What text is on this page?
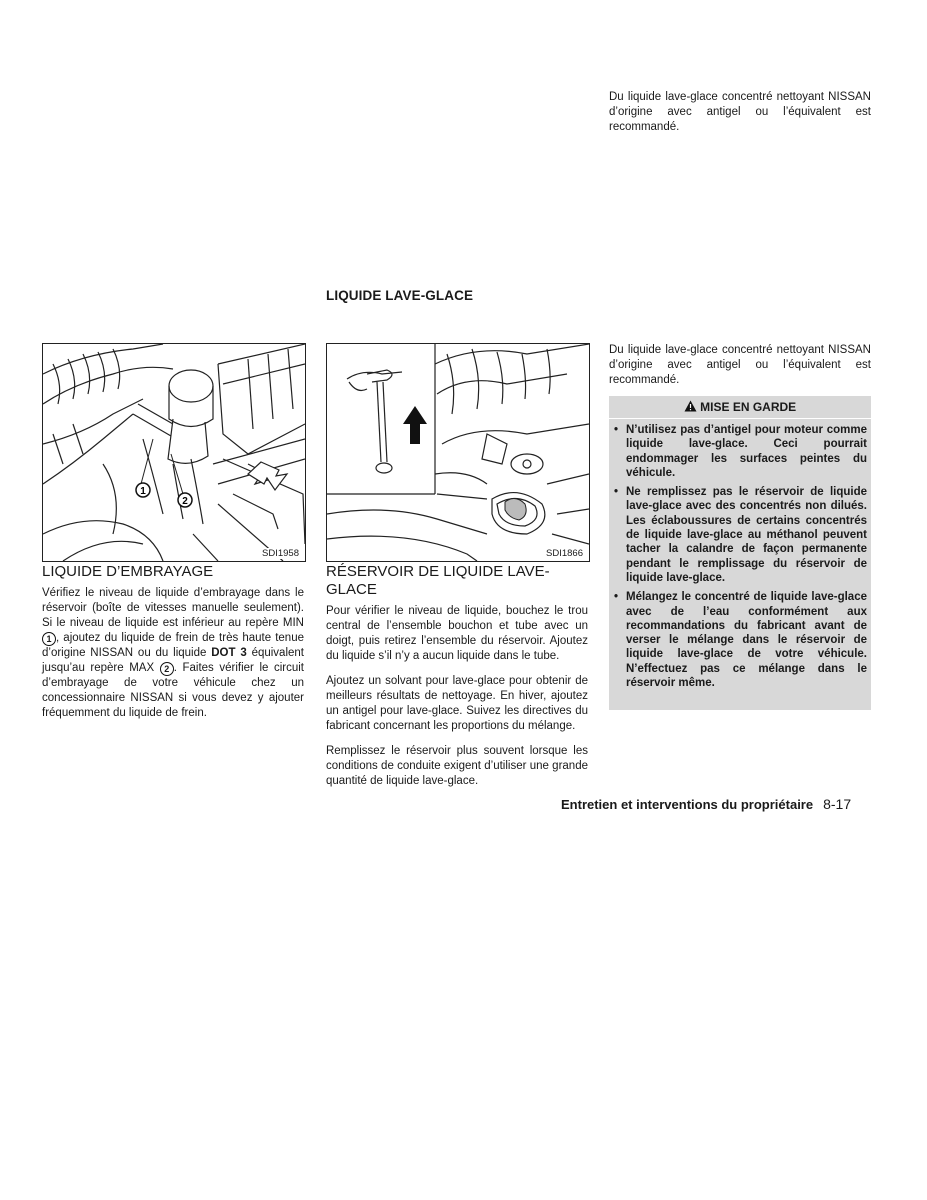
Du liquide lave-glace concentré nettoyant NISSAN d’origine avec antigel ou l’équivalent est recommandé.
LIQUIDE LAVE-GLACE
1
2
SDI1958	SDI1866
LIQUIDE D’EMBRAYAGE
Vérifiez le niveau de liquide d’embrayage dans le réservoir (boîte de vitesses manuelle seulement). Si le niveau de liquide est inférieur au repère MIN 1 , ajoutez du liquide de frein de très haute tenue d’origine NISSAN ou du liquide DOT 3 équivalent jusqu’au repère MAX 2 . Faites vérifier le circuit d’embrayage de votre véhicule chez un concessionnaire NISSAN si vous devez y ajouter fréquemment du liquide de frein.
RÉSERVOIR DE LIQUIDE LAVE-GLACE

Pour vérifier le niveau de liquide, bouchez le trou central de l’ensemble bouchon et tube avec un doigt, puis retirez l’ensemble du réservoir. Ajoutez du liquide s’il n’y a aucun liquide dans le tube.

Ajoutez un solvant pour lave-glace pour obtenir de meilleurs résultats de nettoyage. En hiver, ajoutez un antigel pour lave-glace. Suivez les directives du fabricant concernant les proportions du mélange.

Remplissez le réservoir plus souvent lorsque les conditions de conduite exigent d’utiliser une grande quantité de liquide lave-glace.

Du liquide lave-glace concentré nettoyant NISSAN d’origine avec antigel ou l’équivalent est recommandé.
MISE EN GARDE
• N’utilisez pas d’antigel pour moteur comme liquide lave-glace. Ceci pourrait endommager les surfaces peintes du véhicule.
• Ne remplissez pas le réservoir de liquide lave-glace avec des concentrés non dilués. Les éclaboussures de certains concentrés de liquide lave-glace au méthanol peuvent tacher la calandre de façon permanente pendant le remplissage du réservoir de liquide lave-glace.
• Mélangez le concentré de liquide lave-glace avec de l’eau conformément aux recommandations du fabricant avant de verser le mélange dans le réservoir de liquide lave-glace de votre véhicule. N’effectuez pas ce mélange dans le réservoir même.
Entretien et interventions du propriétaire 8-17
